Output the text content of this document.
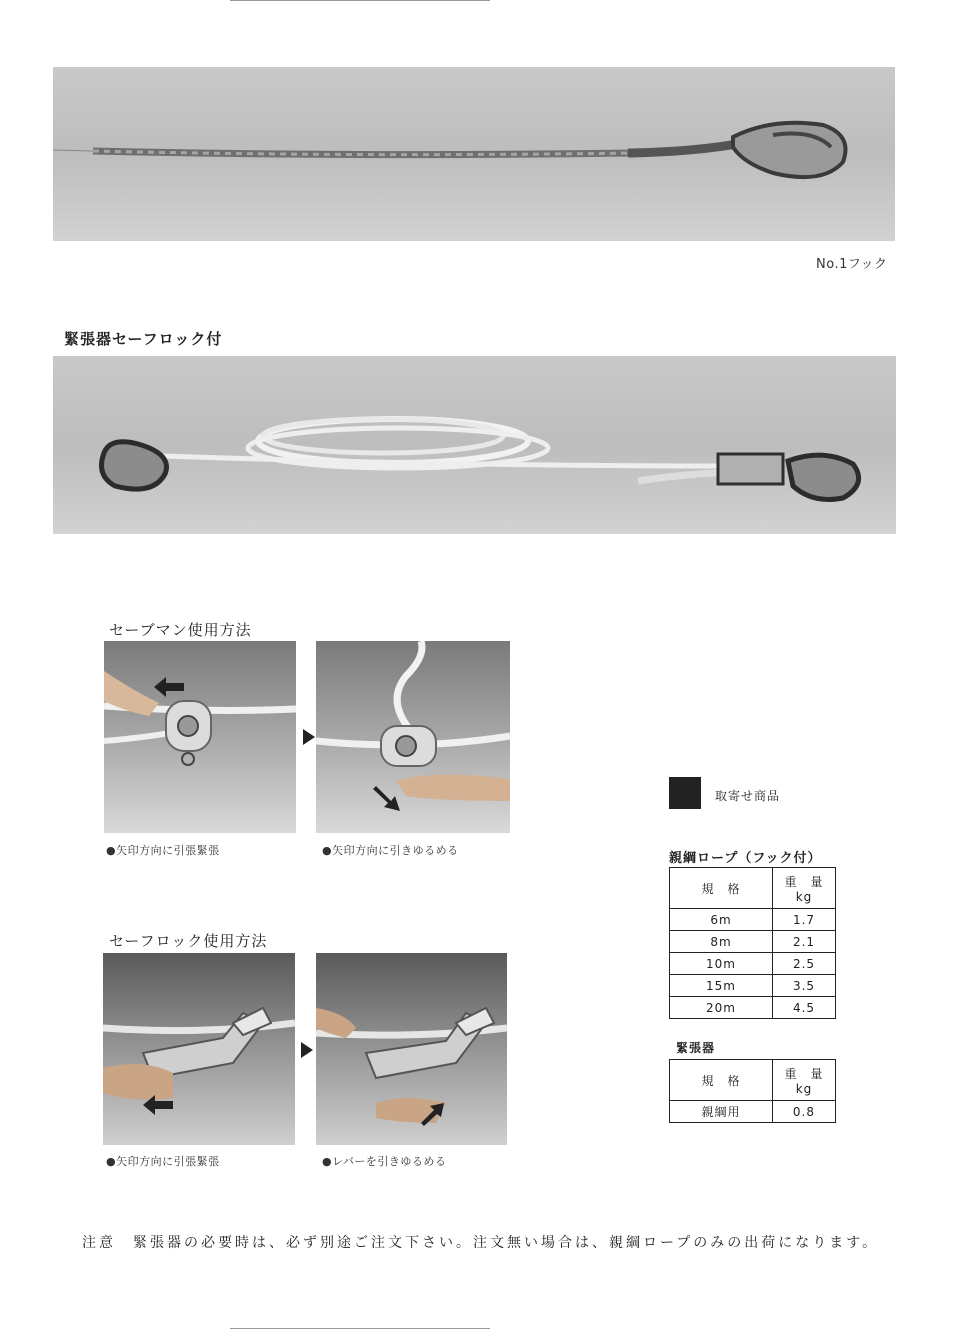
No.1フック
緊張器セーフロック付
セーブマン使用方法
●矢印方向に引張緊張	●矢印方向に引きゆるめる
セーフロック使用方法
●矢印方向に引張緊張	●レバーを引きゆるめる
取寄せ商品
親綱ロープ（フック付）
規　格	重　量
kg

6m	1.7
8m	2.1
10m	2.5
15m	3.5
20m	4.5
緊張器
規　格	重　量
kg

親綱用	0.8
注意　緊張器の必要時は、必ず別途ご注文下さい。注文無い場合は、親綱ロープのみの出荷になります。
